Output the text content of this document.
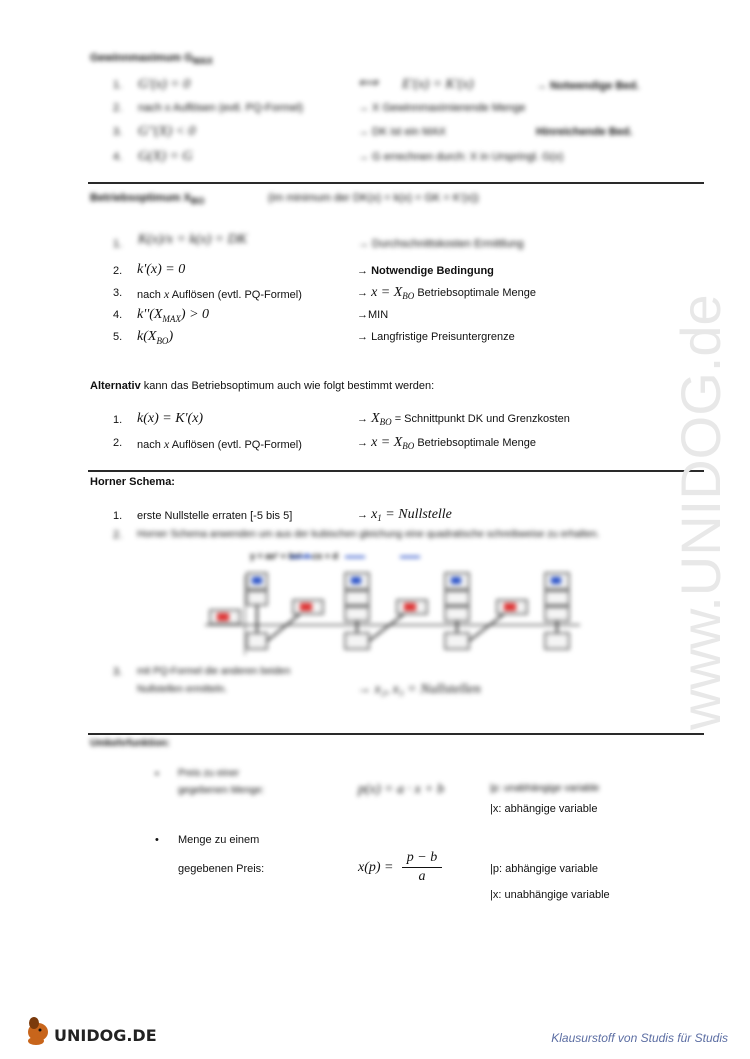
Gewinnmaximum $G_{MAX}$
1. G'(x) = 0	⟺ E'(x) = K'(x)	→ Notwendige Bed.
2. nach x Auflösen (evtl. PQ-Formel)	→ X Gewinnmaximierende Menge
3. G''(X) < 0	→ DK ist ein MAX	Hinreichende Bed.
4. G(X) = G	→ G errechnen durch: X in Urspringl. G(x)
Betriebsoptimum $X_{BO}$	(im minimum der DK(x) = k(x) = GK = K'(x))
1. K(x)/x = k(x) = DK	→ Durchschnittskosten Ermittlung
2. k'(x) = 0	→ Notwendige Bedingung
3. nach x Auflösen (evtl. PQ-Formel)	→ $x = X_{BO}$ Betriebsoptimale Menge
4. $k''(X_{MAX}) > 0$	→MIN
5. $k(X_{BO})$	→ Langfristige Preisuntergrenze
Alternativ kann das Betriebsoptimum auch wie folgt bestimmt werden:
1. k(x) = K'(x)	→ $X_{BO}$ = Schnittpunkt DK und Grenzkosten
2. nach x Auflösen (evtl. PQ-Formel)	→ $x = X_{BO}$ Betriebsoptimale Menge
Horner Schema:
1. erste Nullstelle erraten [-5 bis 5]	→ $x_1$ = Nullstelle
2. Horner Schema anwenden um aus der kubischen gleichung eine quadratische schreibweise zu erhalten.
y = ax³ + bx² + cx + d
3. mit PQ-Formel die anderen beiden
Nullstellen ermitteln.	→ x₂, x₃ = Nullstellen
Umkehrfunktion:
• Preis zu einer
gegebenen Menge:	p(x) = a · x + b	|p: unabhängige variable
|x: abhängige variable
• Menge zu einem
gegebenen Preis:	x(p) =
p − b
a	|p: abhängige variable
|x: unabhängige variable
www.UNIDOG.de
UNIDOG.DE	Klausurstoff von Studis für Studis
